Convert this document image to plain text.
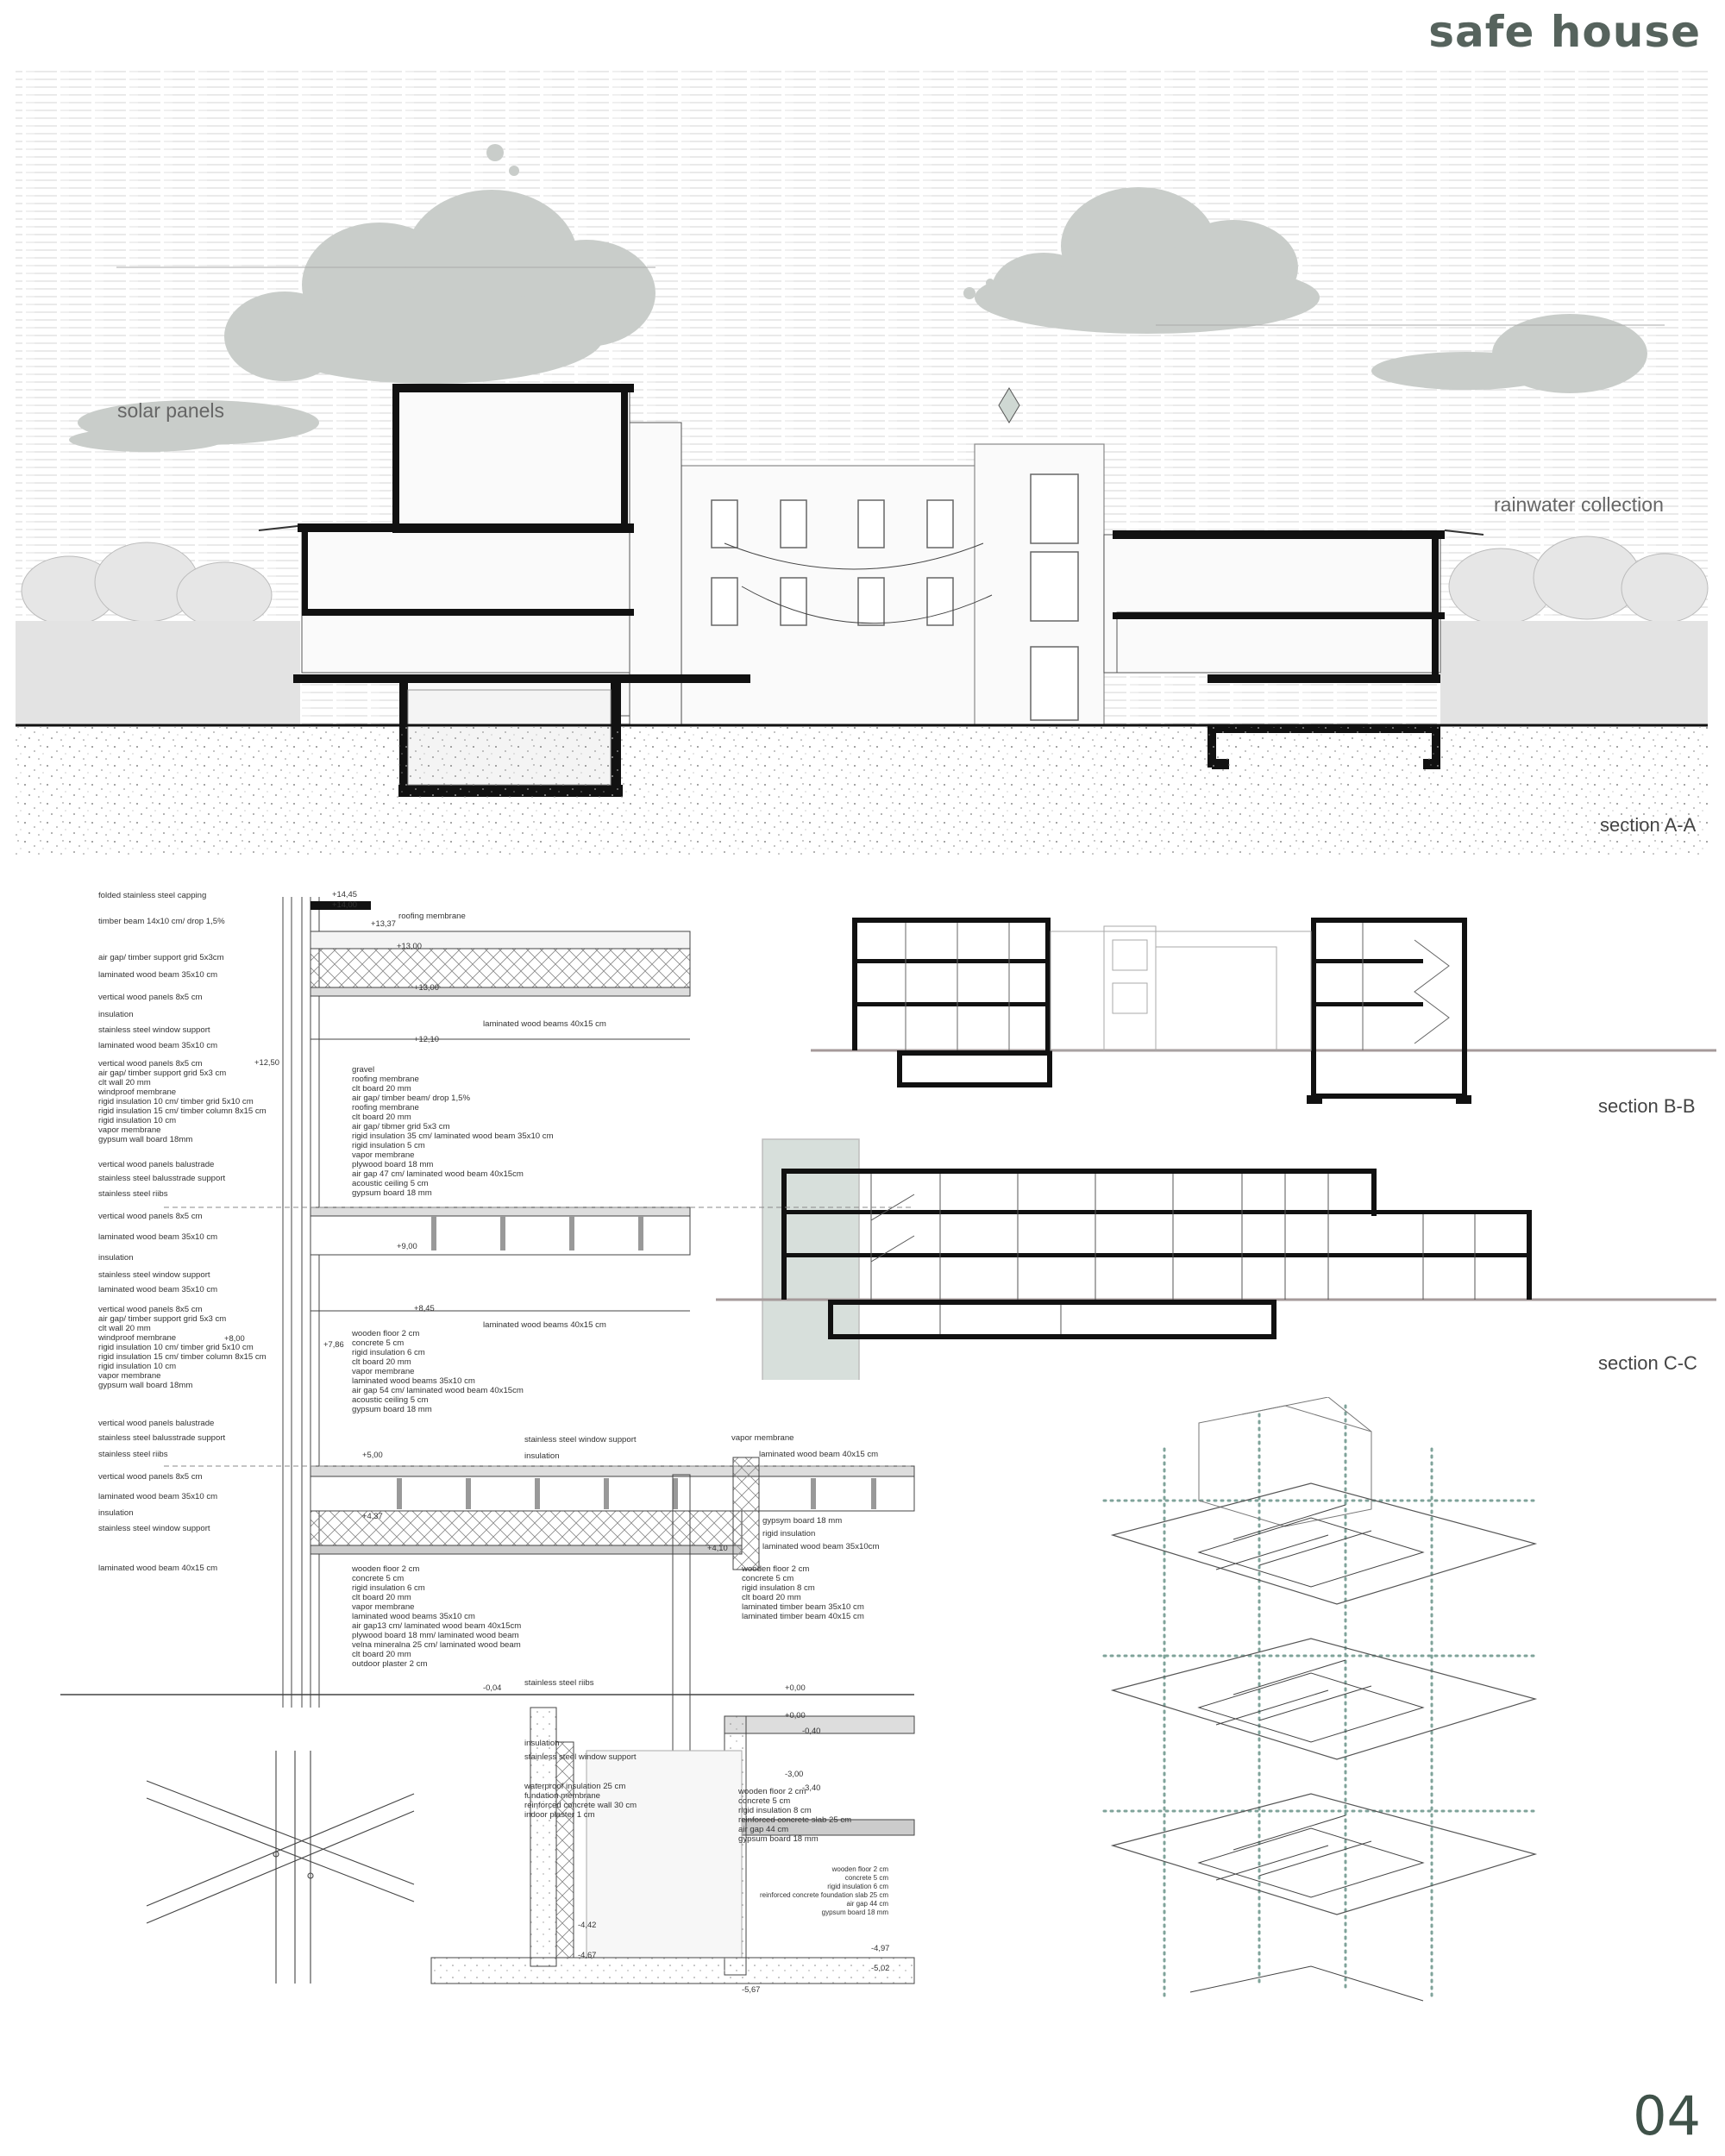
safe house
solar panels
rainwater collection
section A-A
section B-B
section C-C
+14,45
+14,00
+13,37
+13,00
+13,00
+12,50
+12,10
+9,00
+8,45
+8,00
+7,86
+5,00
+4,37
+4,10
+0,00
-0,04
+0,00
-0,40
-3,00
-3,40
-4,42
-4,67
-4,97
-5,02
-5,67
folded stainless steel capping
timber beam 14x10 cm/ drop 1,5%
air gap/ timber support grid 5x3cm
laminated wood beam 35x10 cm
vertical wood panels 8x5 cm
insulation
stainless steel window support
laminated wood beam 35x10 cm
vertical wood panels 8x5 cm
air gap/ timber support grid 5x3 cm
clt wall 20 mm
windproof membrane
rigid insulation 10 cm/ timber grid 5x10 cm
rigid insulation 15 cm/ timber column 8x15 cm
rigid insulation 10 cm
vapor membrane
gypsum wall board 18mm
vertical wood panels balustrade
stainless steel balusstrade support
stainless steel riibs
vertical wood panels 8x5 cm
laminated wood beam 35x10 cm
insulation
stainless steel window support
laminated wood beam 35x10 cm
vertical wood panels 8x5 cm
air gap/ timber support grid 5x3 cm
clt wall 20 mm
windproof membrane
rigid insulation 10 cm/ timber grid 5x10 cm
rigid insulation 15 cm/ timber column 8x15 cm
rigid insulation 10 cm
vapor membrane
gypsum wall board 18mm
vertical wood panels balustrade
stainless steel balusstrade support
stainless steel riibs
vertical wood panels 8x5 cm
laminated wood beam 35x10 cm
insulation
stainless steel window support
laminated wood beam 40x15 cm
roofing membrane
laminated wood beams 40x15 cm
laminated wood beams 40x15 cm
gravel
roofing membrane
clt board 20 mm
air gap/ timber beam/ drop 1,5%
roofing membrane
clt board 20 mm
air gap/ tibmer grid 5x3 cm
rigid insulation 35 cm/ laminated wood beam 35x10 cm
rigid insulation 5 cm
vapor membrane
plywood board 18 mm
air gap 47 cm/ laminated wood beam 40x15cm
acoustic ceiling 5 cm
gypsum board 18 mm
wooden floor 2 cm
concrete 5 cm
rigid insulation 6 cm
clt board 20 mm
vapor membrane
laminated wood beams 35x10 cm
air gap 54 cm/ laminated wood beam 40x15cm
acoustic ceiling 5 cm
gypsum board 18 mm
wooden floor 2 cm
concrete 5 cm
rigid insulation 6 cm
clt board 20 mm
vapor membrane
laminated wood beams 35x10 cm
air gap13 cm/ laminated wood beam 40x15cm
plywood board 18 mm/ laminated wood beam
velna mineralna 25 cm/ laminated wood beam
clt board 20 mm
outdoor plaster 2 cm
stainless steel window support
insulation
vapor membrane
laminated wood beam 40x15 cm
gypsym board 18 mm
rigid insulation
laminated wood beam 35x10cm
wooden floor 2 cm
concrete 5 cm
rigid insulation 8 cm
clt board 20 mm
laminated timber beam 35x10 cm
laminated timber beam 40x15 cm
stainless steel riibs
insulation
stainless steel window support
waterproof insulation 25 cm
fundation membrane
reinforced concrete wall 30 cm
indoor plaster 1 cm
wooden floor 2 cm
concrete 5 cm
rigid insulation 8 cm
reinforced concrete slab 25 cm
air gap 44 cm
gypsum board 18 mm
wooden floor 2 cm
concrete 5 cm
rigid insulation 6 cm
reinforced concrete foundation slab 25 cm
air gap 44 cm
gypsum board 18 mm
04
